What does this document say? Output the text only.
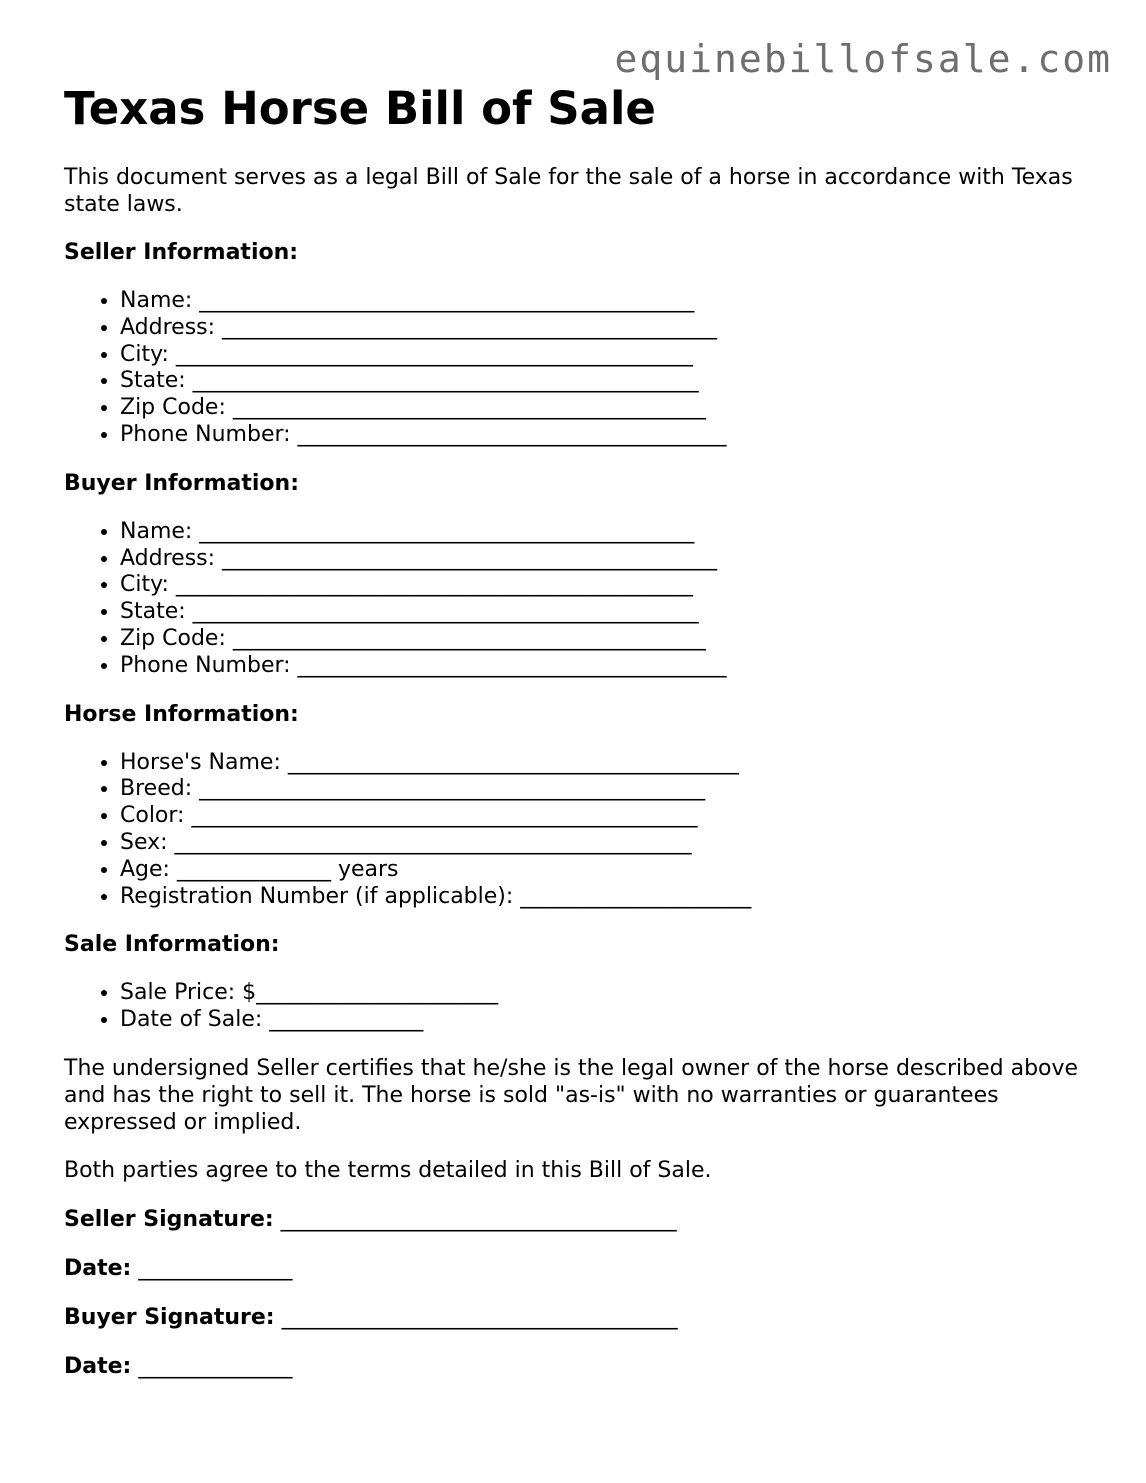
equinebillofsale.com
Texas Horse Bill of Sale

This document serves as a legal Bill of Sale for the sale of a horse in accordance with Texas state laws.

Seller Information:

• Name: _____________________________________________
• Address: _____________________________________________
• City: _______________________________________________
• State: ______________________________________________
• Zip Code: ___________________________________________
• Phone Number: _______________________________________

Buyer Information:

• Name: _____________________________________________
• Address: _____________________________________________
• City: _______________________________________________
• State: ______________________________________________
• Zip Code: ___________________________________________
• Phone Number: _______________________________________

Horse Information:

• Horse's Name: _________________________________________
• Breed: ______________________________________________
• Color: ______________________________________________
• Sex: _______________________________________________
• Age: ______________ years
• Registration Number (if applicable): _____________________

Sale Information:

• Sale Price: $______________________
• Date of Sale: ______________

The undersigned Seller certifies that he/she is the legal owner of the horse described above and has the right to sell it. The horse is sold "as-is" with no warranties or guarantees expressed or implied.

Both parties agree to the terms detailed in this Bill of Sale.

Seller Signature: ____________________________________

Date: ______________

Buyer Signature: ____________________________________

Date: ______________
